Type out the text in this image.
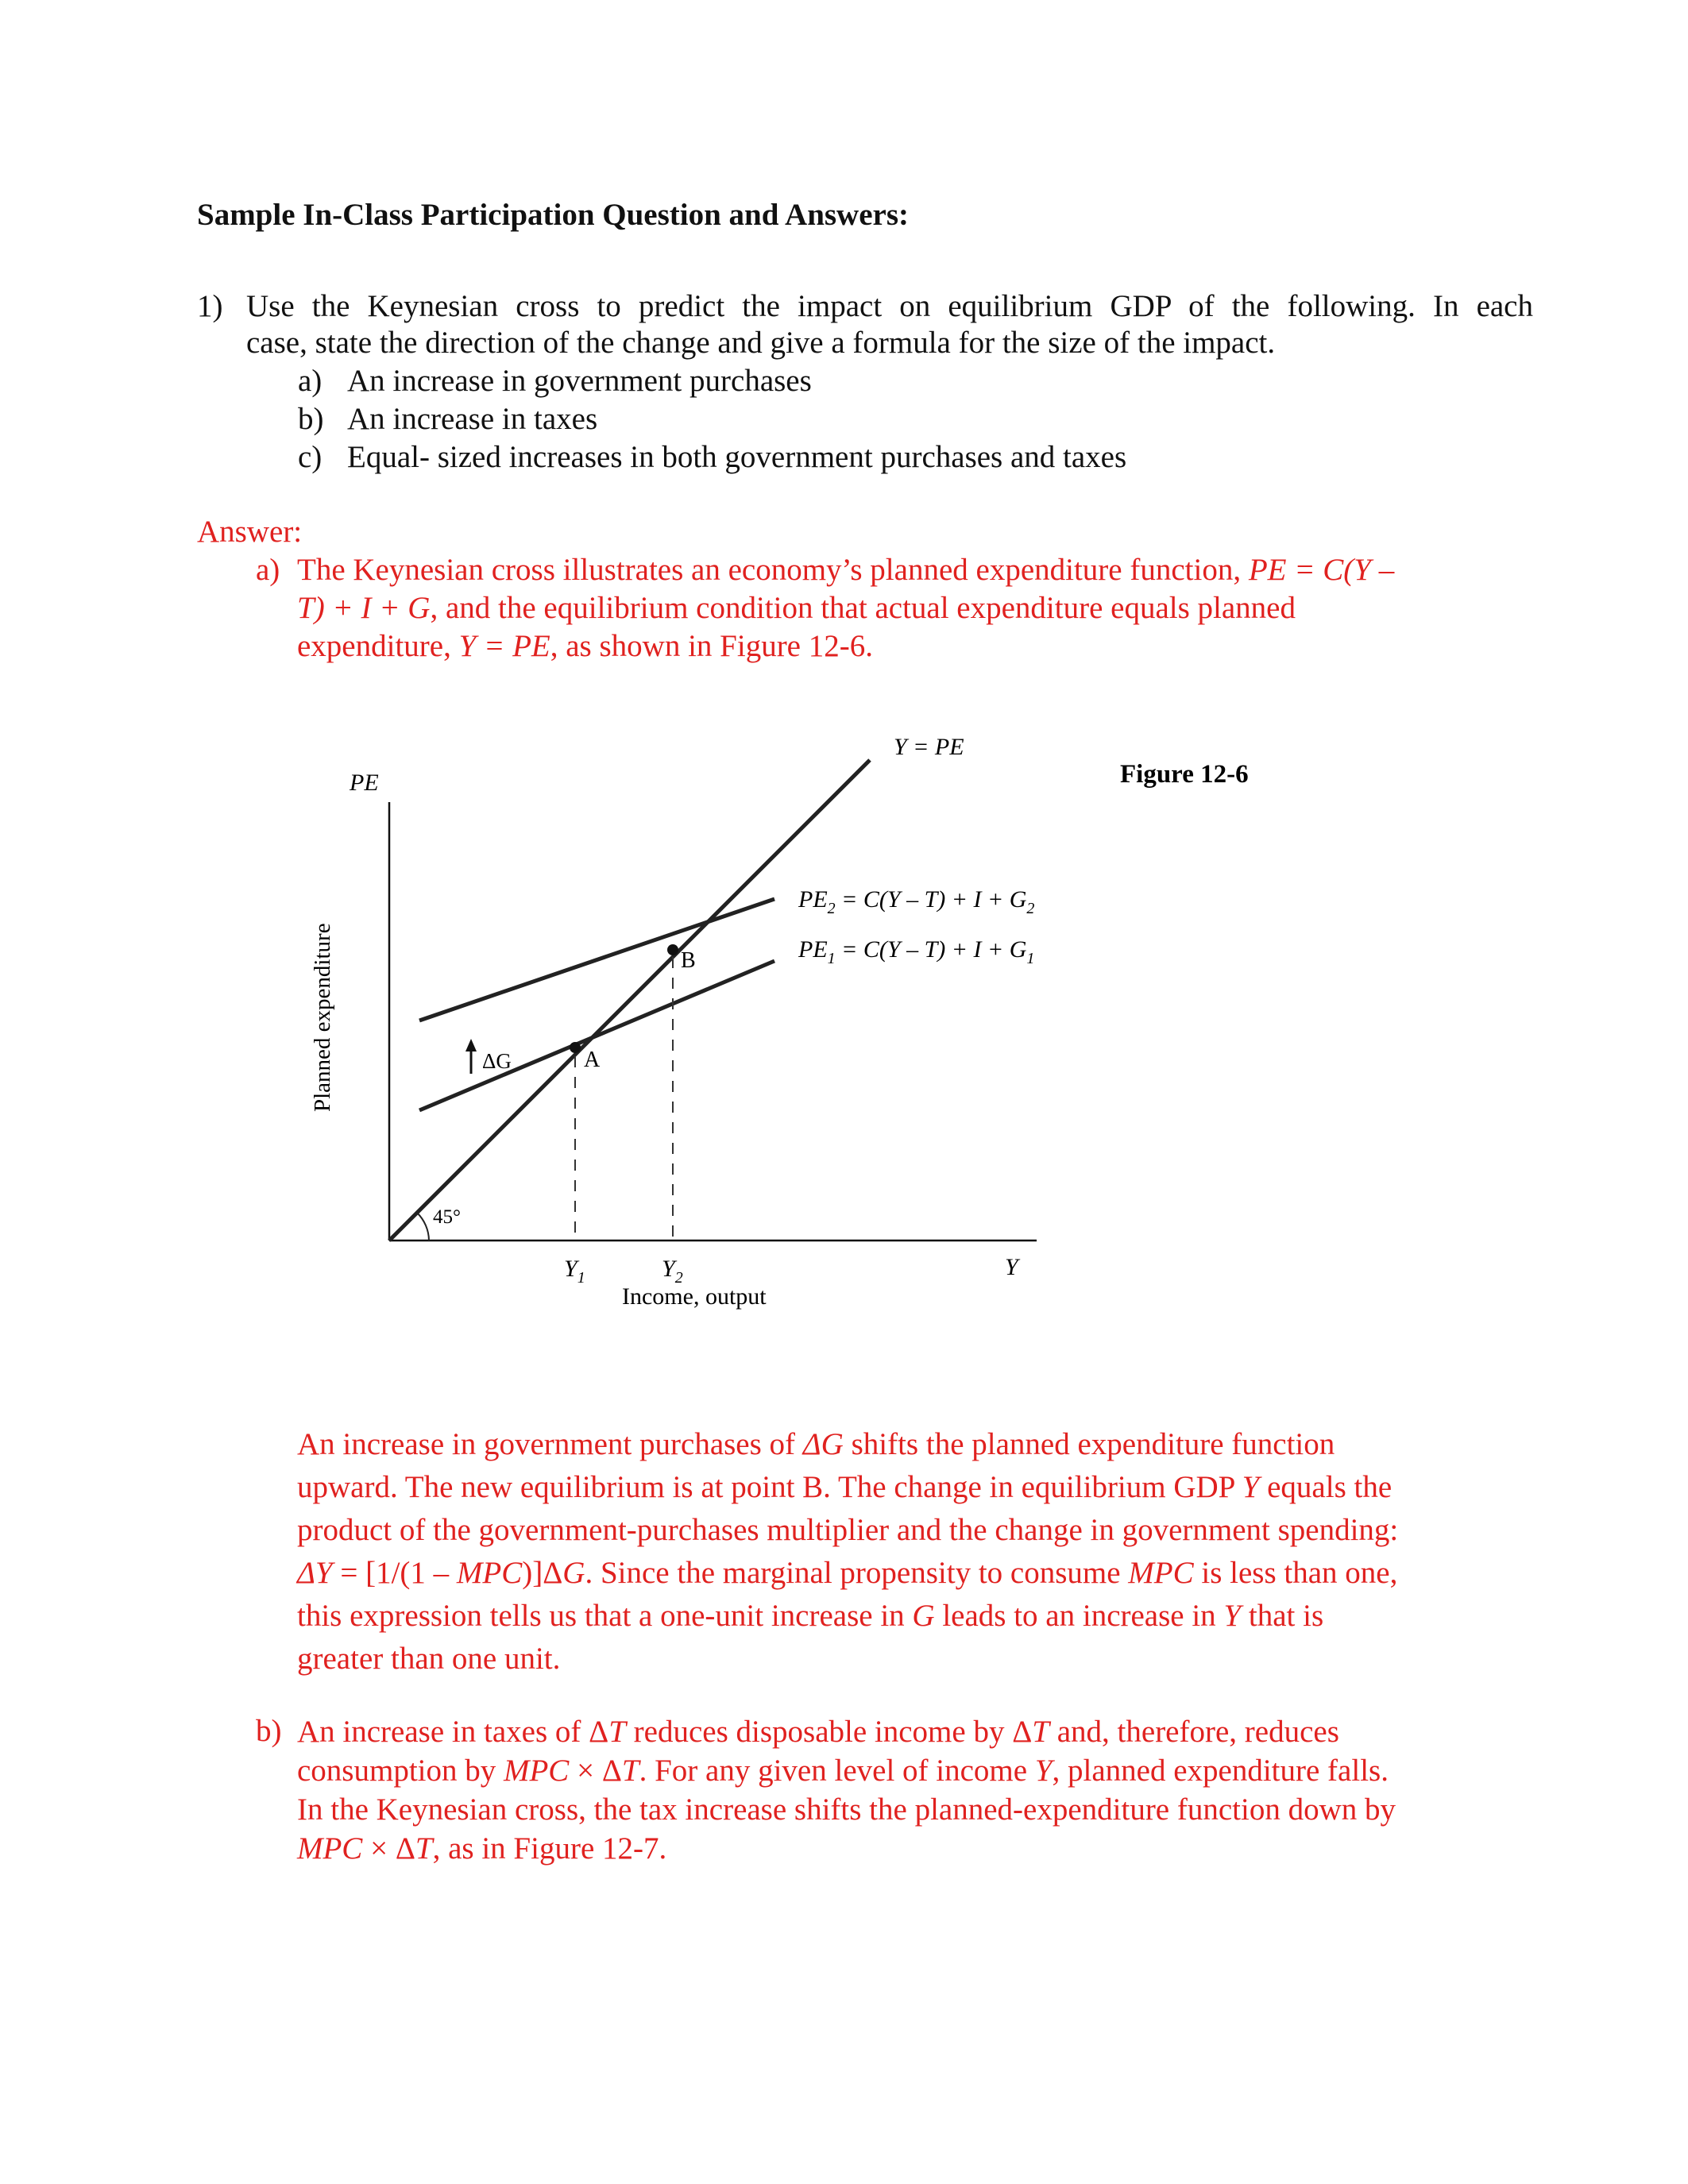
Sample In-Class Participation Question and Answers:
1) Use the Keynesian cross to predict the impact on equilibrium GDP of the following. In each
case, state the direction of the change and give a formula for the size of the impact.
a) An increase in government purchases
b) An increase in taxes
c) Equal- sized increases in both government purchases and taxes
Answer:
a) The Keynesian cross illustrates an economy’s planned expenditure function, PE = C(Y –
T) + I + G, and the equilibrium condition that actual expenditure equals planned
expenditure, Y = PE, as shown in Figure 12-6.
PE
Planned expenditure
Y = PE
$PE_2 = C(Y - T) + I + G_2$
$PE_1 = C(Y - T) + I + G_1$
B
A
ΔG
45°
$Y_1$	$Y_2$	Y
Income, output
Figure 12-6
An increase in government purchases of ΔG shifts the planned expenditure function
upward. The new equilibrium is at point B. The change in equilibrium GDP Y equals the
product of the government-purchases multiplier and the change in government spending:
ΔY = [1/(1 – MPC)]ΔG. Since the marginal propensity to consume MPC is less than one,
this expression tells us that a one-unit increase in G leads to an increase in Y that is
greater than one unit.
b) An increase in taxes of ΔT reduces disposable income by ΔT and, therefore, reduces
consumption by MPC × ΔT. For any given level of income Y, planned expenditure falls.
In the Keynesian cross, the tax increase shifts the planned-expenditure function down by
MPC × ΔT, as in Figure 12-7.
